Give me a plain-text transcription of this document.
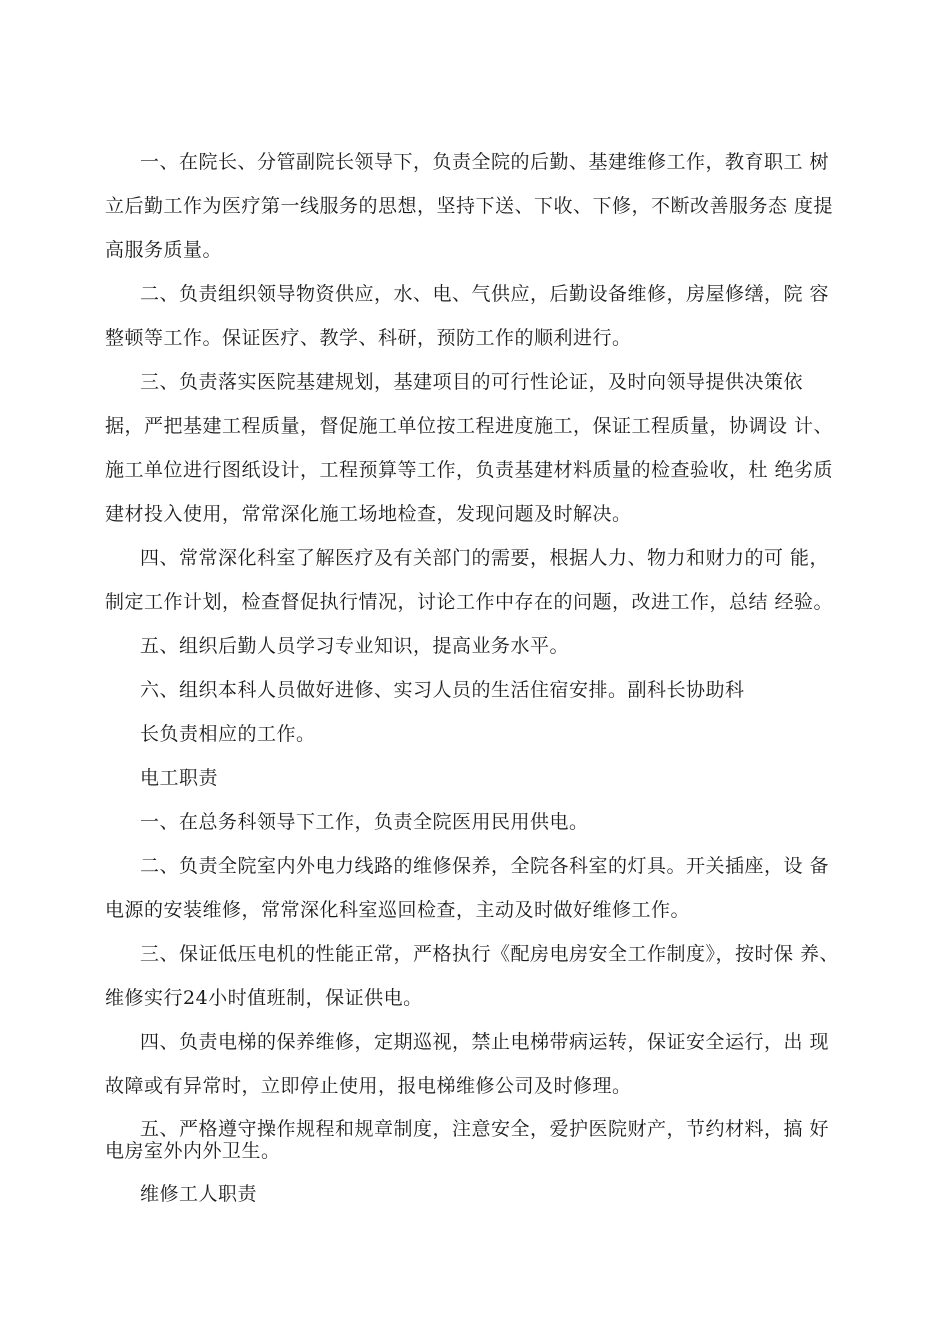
一、在院长、分管副院长领导下，负责全院的后勤、基建维修工作，教育职工 树立后勤工作为医疗第一线服务的思想，坚持下送、下收、下修，不断改善服务态 度提高服务质量。

二、负责组织领导物资供应，水、电、气供应，后勤设备维修，房屋修缮，院 容整顿等工作。保证医疗、教学、科研，预防工作的顺利进行。

三、负责落实医院基建规划，基建项目的可行性论证，及时向领导提供决策依 据，严把基建工程质量，督促施工单位按工程进度施工，保证工程质量，协调设 计、施工单位进行图纸设计，工程预算等工作，负责基建材料质量的检查验收，杜 绝劣质建材投入使用，常常深化施工场地检查，发现问题及时解决。

四、常常深化科室了解医疗及有关部门的需要，根据人力、物力和财力的可 能，制定工作计划，检查督促执行情况，讨论工作中存在的问题，改进工作，总结 经验。

五、组织后勤人员学习专业知识，提高业务水平。

六、组织本科人员做好进修、实习人员的生活住宿安排。副科长协助科

长负责相应的工作。

电工职责

一、在总务科领导下工作，负责全院医用民用供电。

二、负责全院室内外电力线路的维修保养，全院各科室的灯具。开关插座，设 备电源的安装维修，常常深化科室巡回检查，主动及时做好维修工作。

三、保证低压电机的性能正常，严格执行《配房电房安全工作制度》，按时保 养、维修实行24小时值班制，保证供电。

四、负责电梯的保养维修，定期巡视，禁止电梯带病运转，保证安全运行，出 现故障或有异常时，立即停止使用，报电梯维修公司及时修理。

五、严格遵守操作规程和规章制度，注意安全，爱护医院财产，节约材料，搞 好电房室外内外卫生。

维修工人职责
